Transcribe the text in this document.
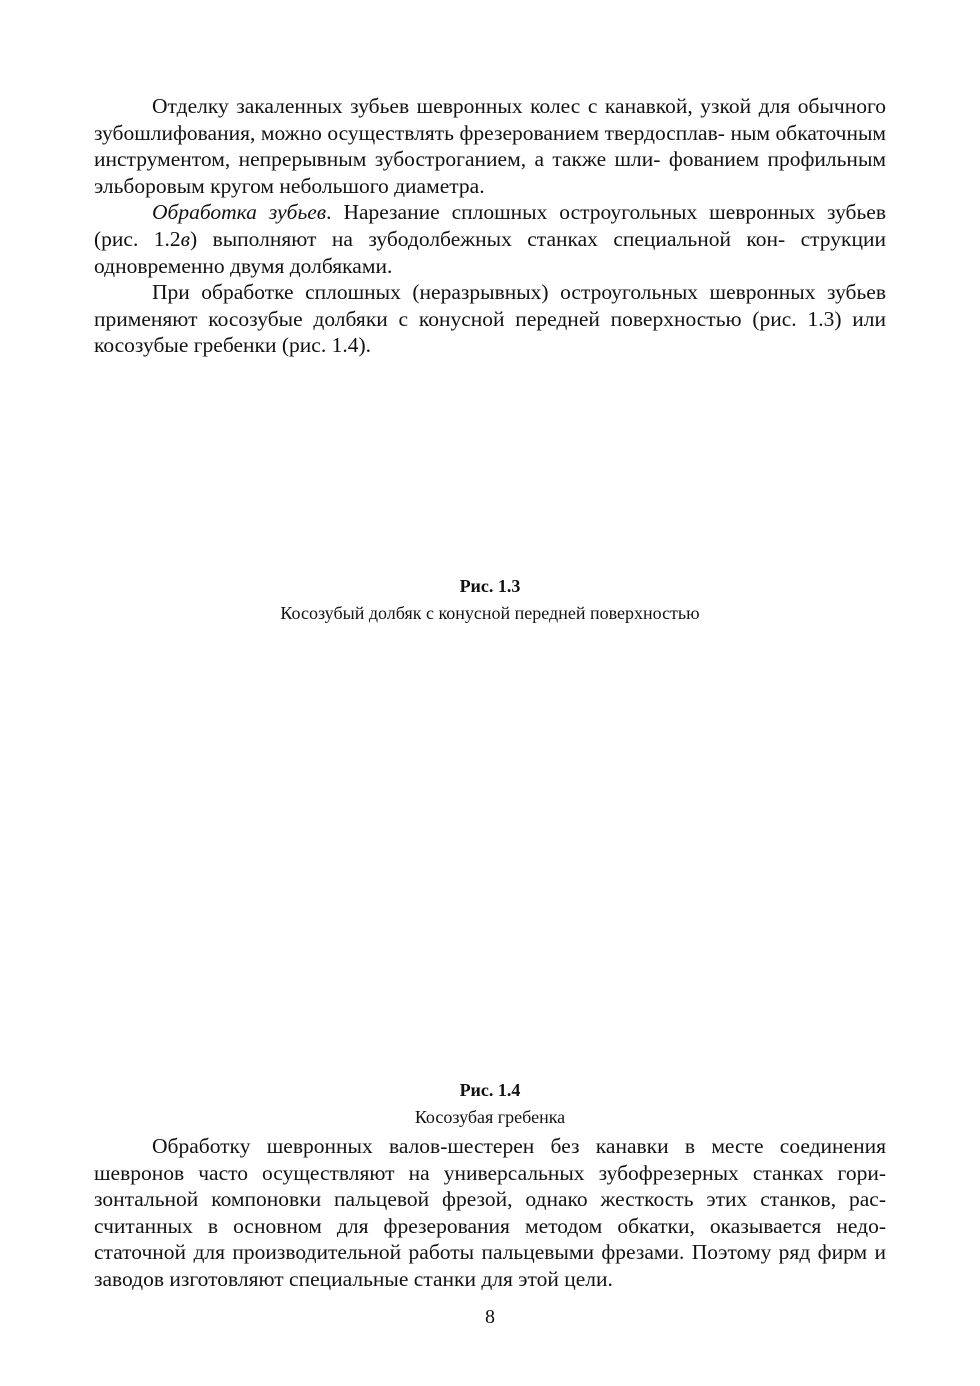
Отделку закаленных зубьев шевронных колес с канавкой, узкой для обычного зубошлифования, можно осуществлять фрезерованием твердосплав- ным обкаточным инструментом, непрерывным зубостроганием, а также шли- фованием профильным эльборовым кругом небольшого диаметра.

Обработка зубьев. Нарезание сплошных остроугольных шевронных зубьев (рис. 1.2в) выполняют на зубодолбежных станках специальной кон- струкции одновременно двумя долбяками.

При обработке сплошных (неразрывных) остроугольных шевронных зубьев применяют косозубые долбяки с конусной передней поверхностью (рис. 1.3) или косозубые гребенки (рис. 1.4).

Рис. 1.3
Косозубый долбяк с конусной передней поверхностью
Рис. 1.4
Косозубая гребенка

Обработку шевронных валов-шестерен без канавки в месте соединения шевронов часто осуществляют на универсальных зубофрезерных станках гори- зонтальной компоновки пальцевой фрезой, однако жесткость этих станков, рас- считанных в основном для фрезерования методом обкатки, оказывается недо- статочной для производительной работы пальцевыми фрезами. Поэтому ряд фирм и заводов изготовляют специальные станки для этой цели.

8
